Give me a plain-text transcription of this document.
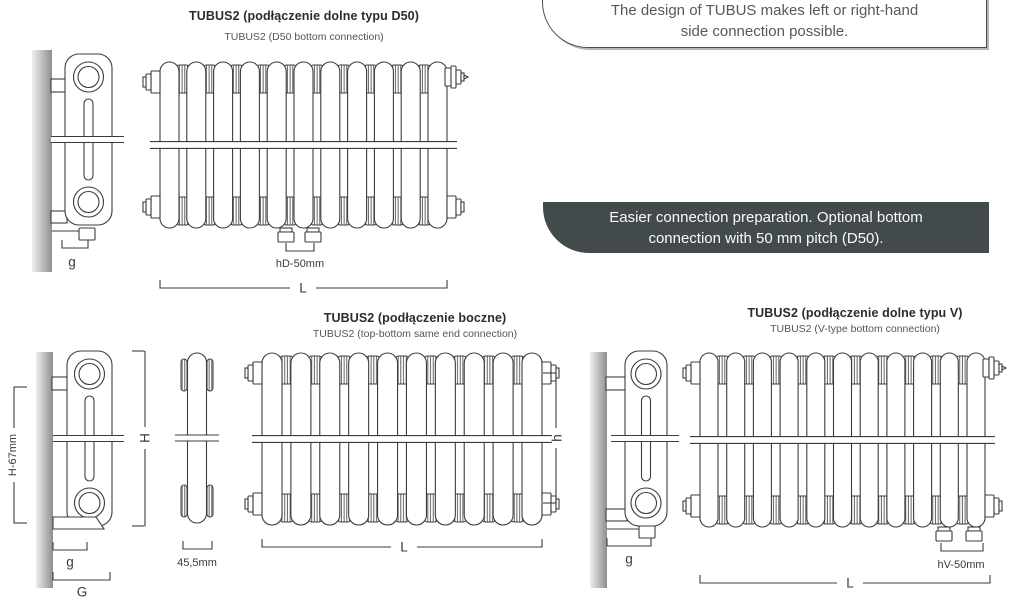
TUBUS2 (podłączenie dolne typu D50)
TUBUS2 (D50 bottom connection)
g	hD-50mm
L
The design of TUBUS makes left or right-hand
side connection possible.
Easier connection preparation. Optional bottom
connection with 50 mm pitch (D50).
TUBUS2 (podłączenie boczne)
TUBUS2 (top-bottom same end connection)
H-67mm	H
g
G
45,5mm
h
L
TUBUS2 (podłączenie dolne typu V)
TUBUS2 (V-type bottom connection)
g	hV-50mm
L
